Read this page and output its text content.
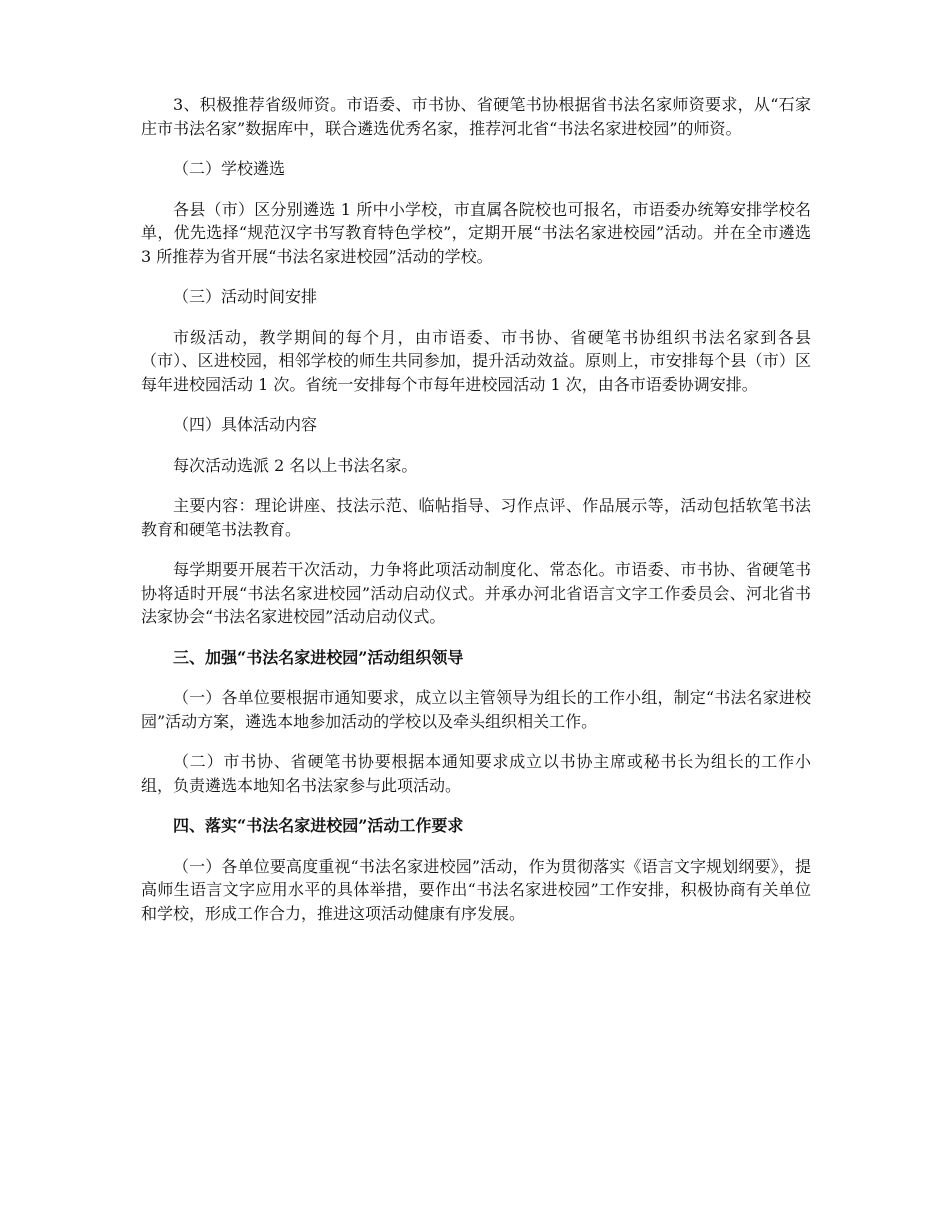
3、积极推荐省级师资。市语委、市书协、省硬笔书协根据省书法名家师资要求，从“石家庄市书法名家”数据库中，联合遴选优秀名家，推荐河北省“书法名家进校园”的师资。

（二）学校遴选

各县（市）区分别遴选 1 所中小学校，市直属各院校也可报名，市语委办统筹安排学校名单，优先选择“规范汉字书写教育特色学校”，定期开展“书法名家进校园”活动。并在全市遴选 3 所推荐为省开展“书法名家进校园”活动的学校。

（三）活动时间安排

市级活动，教学期间的每个月，由市语委、市书协、省硬笔书协组织书法名家到各县（市）、区进校园，相邻学校的师生共同参加，提升活动效益。原则上，市安排每个县（市）区每年进校园活动 1 次。省统一安排每个市每年进校园活动 1 次，由各市语委协调安排。

（四）具体活动内容

每次活动选派 2 名以上书法名家。

主要内容：理论讲座、技法示范、临帖指导、习作点评、作品展示等，活动包括软笔书法教育和硬笔书法教育。

每学期要开展若干次活动，力争将此项活动制度化、常态化。市语委、市书协、省硬笔书协将适时开展“书法名家进校园”活动启动仪式。并承办河北省语言文字工作委员会、河北省书法家协会“书法名家进校园”活动启动仪式。

三、加强“书法名家进校园”活动组织领导

（一）各单位要根据市通知要求，成立以主管领导为组长的工作小组，制定“书法名家进校园”活动方案，遴选本地参加活动的学校以及牵头组织相关工作。

（二）市书协、省硬笔书协要根据本通知要求成立以书协主席或秘书长为组长的工作小组，负责遴选本地知名书法家参与此项活动。

四、落实“书法名家进校园”活动工作要求

（一）各单位要高度重视“书法名家进校园”活动，作为贯彻落实《语言文字规划纲要》，提高师生语言文字应用水平的具体举措，要作出“书法名家进校园”工作安排，积极协商有关单位和学校，形成工作合力，推进这项活动健康有序发展。
